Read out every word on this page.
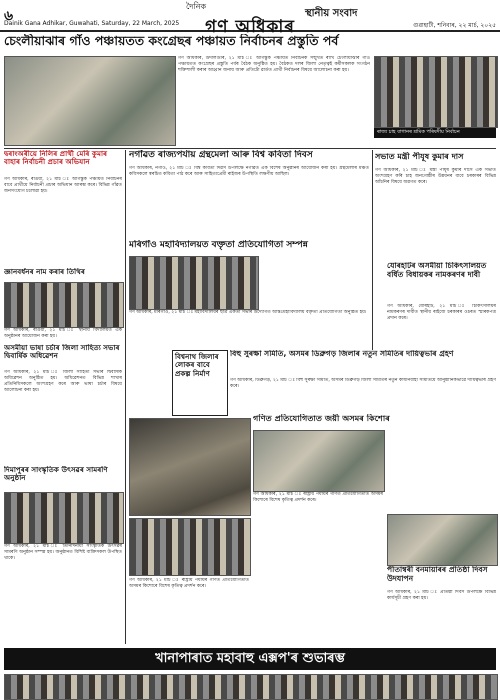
৬
দৈনিক
গণ অধিকাৰ
স্থানীয় সংবাদ
Dainik Gana Adhikar, Guwahati, Saturday, 22 March, 2025	গুৱাহাটী, শনিবাৰ, ২২ মাৰ্চ, ২০২৫
চেংলীয়াঝাৰ গাঁও পঞ্চায়তত কংগ্ৰেছৰ পঞ্চায়ত নিৰ্বাচনৰ প্ৰস্তুতি পৰ্ব
গণ অধিকাৰ, উদালগুৰি, ২১ মাৰ্চ ঃ আগন্তুক পঞ্চায়ত নিৰ্বাচনক সন্মুখত ৰাখি চেংলীয়াঝাৰ গাঁও পঞ্চায়তত কংগ্ৰেছৰ প্ৰস্তুতি পৰ্বৰ বৈঠক অনুষ্ঠিত হয়। বৈঠকত দলৰ জিলা নেতৃত্বই কৰ্মীসকলক সংগঠন শক্তিশালী কৰাৰ আহ্বান জনায় আৰু প্ৰতিটো ৱাৰ্ডত প্ৰাৰ্থী নিৰ্বাচনৰ বিষয়ে আলোচনা কৰা হয়।
দ্বৰাংঅৰীয়ে নিলিৰ প্ৰাৰ্থী মেৰি কুমাৰ বাহাৰ নিৰ্বাচনী প্ৰচাৰ অভিযান
গণ অধিকাৰ, ৰঙিয়া, ২১ মাৰ্চ ঃ আগন্তুক পঞ্চায়ত নিৰ্বাচনৰ বাবে প্ৰাৰ্থীয়ে নিৰ্বাচনী প্ৰচাৰ অভিযান আৰম্ভ কৰে। বিভিন্ন গাঁৱত জনসংযোগ চলোৱা হয়।
জ্ঞানবৰ্ধনৰ নাম কৰাৰ তিথিৰ
গণ অধিকাৰ, ৰঙিয়া, ২১ মাৰ্চ ঃ স্থানীয় বিদ্যালয়ত এক অনুষ্ঠানৰ আয়োজন কৰা হয়।
অসমীয়া ভাষা চৰ্চাৰ জিলা সাহিত্য সভাৰ দ্বিবাৰ্ষিক অধিৱেশন
গণ অধিকাৰ, ২১ মাৰ্চ ঃ জিলা সাহিত্য সভাৰ দ্বিবাৰ্ষিক অধিৱেশন অনুষ্ঠিত হয়। অধিৱেশনত বিভিন্ন শাখাৰ প্ৰতিনিধিসকলে অংশগ্ৰহণ কৰে আৰু ভাষা চৰ্চাৰ বিষয়ে আলোচনা কৰা হয়।
দিমাপুৰৰ সাংস্কৃতিক উৎসৱৰ সামৰণি অনুষ্ঠান
গণ অধিকাৰ, ২১ মাৰ্চ ঃ তিনিদিনীয়া সাংস্কৃতিক উৎসৱৰ সামৰণি অনুষ্ঠান সম্পন্ন হয়। অনুষ্ঠানত বিশিষ্ট ব্যক্তিসকল উপস্থিত থাকে।
নগাঁৱত ৰাজ্যপৰ্যায় গ্ৰন্থমেলা আৰু বিশ্ব কবিতা দিবস
গণ অধিকাৰ, নগাঁও, ২১ মাৰ্চ ঃ বিশ্ব কবিতা দিৱস উপলক্ষে নগাঁৱত এক বিশেষ অনুষ্ঠানৰ আয়োজন কৰা হয়। গ্ৰন্থমেলাৰ মঞ্চত কবিসকলে স্বৰচিত কবিতা পাঠ কৰে আৰু সাহিত্যপ্ৰেমী ৰাইজৰ উপস্থিতি লক্ষণীয় আছিল।
মৰিগাঁও মহাবিদ্যালয়ত বক্তৃতা প্ৰতিযোগিতা সম্পন্ন
গণ অধিকাৰ, মৰিগাঁও, ২১ মাৰ্চ ঃ মহাবিদ্যালয়ৰ ছাত্ৰ একতা সভাৰ উদ্যোগত আন্তঃমহাবিদ্যালয় বক্তৃতা প্ৰতিযোগিতা অনুষ্ঠিত হয়।
বিশ্বনাথ জিলাৰ লোকৰ বাবে প্ৰকল্প নিৰ্মাণ
বিহু সুৰক্ষা সমিতি, অসমৰ ডিব্ৰুগড় জিলাৰ নতুন সমিতিৰ দায়িত্বভাৰ গ্ৰহণ
গণ অধিকাৰ, ডিব্ৰুগড়, ২১ মাৰ্চ ঃ বিহু সুৰক্ষা সমিতি, অসমৰ ডিব্ৰুগড় জিলা সমিতিৰ নতুন কাৰ্যনিৰ্বাহী সমিতিয়ে আনুষ্ঠানিকভাৱে দায়িত্বভাৰ গ্ৰহণ কৰে।
গণিত প্ৰতিযোগিতাত জয়ী অসমৰ কিশোৰ
গণ অধিকাৰ, ২১ মাৰ্চ ঃ ৰাষ্ট্ৰীয় পৰ্যায়ৰ গণিত প্ৰতিযোগিতাত অসমৰ কিশোৰে বিশেষ কৃতিত্ব প্ৰদৰ্শন কৰে।
গণ অধিকাৰ, ২১ মাৰ্চ ঃ ৰাষ্ট্ৰীয় পৰ্যায়ৰ গণিত প্ৰতিযোগিতাত অসমৰ কিশোৰে বিশেষ কৃতিত্ব প্ৰদৰ্শন কৰে।
ৰাজ্য চাহ বাগানৰ শ্ৰমিক পৰিষদীয় নিৰ্বাচন
সভাত মন্ত্ৰী পীযূষ কুমাৰ দাস
গণ অধিকাৰ, ২১ মাৰ্চ ঃ মন্ত্ৰী পীযূষ কুমাৰ দাসে এক সভাত অংশগ্ৰহণ কৰি চাহ জনগোষ্ঠীৰ উন্নয়নৰ বাবে চৰকাৰৰ বিভিন্ন আঁচনিৰ বিষয়ে অৱগত কৰে।
যোৰহাটৰ অসমীয়া চিকিৎসালয়ত বৰ্ধিত বিধায়কৰ নামকৰণৰ দাবী
গণ অধিকাৰ, যোৰহাট, ২১ মাৰ্চ ঃ চিকিৎসালয়ৰ নামকৰণৰ দাবীত স্থানীয় ৰাইজে চৰকাৰৰ ওচৰত স্মাৰকপত্ৰ প্ৰদান কৰে।
পীতাম্বৰী বনমায়াৰৰ প্ৰতিষ্ঠা দিবস উদযাপন
গণ অধিকাৰ, ২১ মাৰ্চ ঃ প্ৰতিষ্ঠা দিবস উপলক্ষে বিভিন্ন কাৰ্যসূচী গ্ৰহণ কৰা হয়।
খানাপাৰাত মহাবাহু এক্সপ'ৰ শুভাৰম্ভ
